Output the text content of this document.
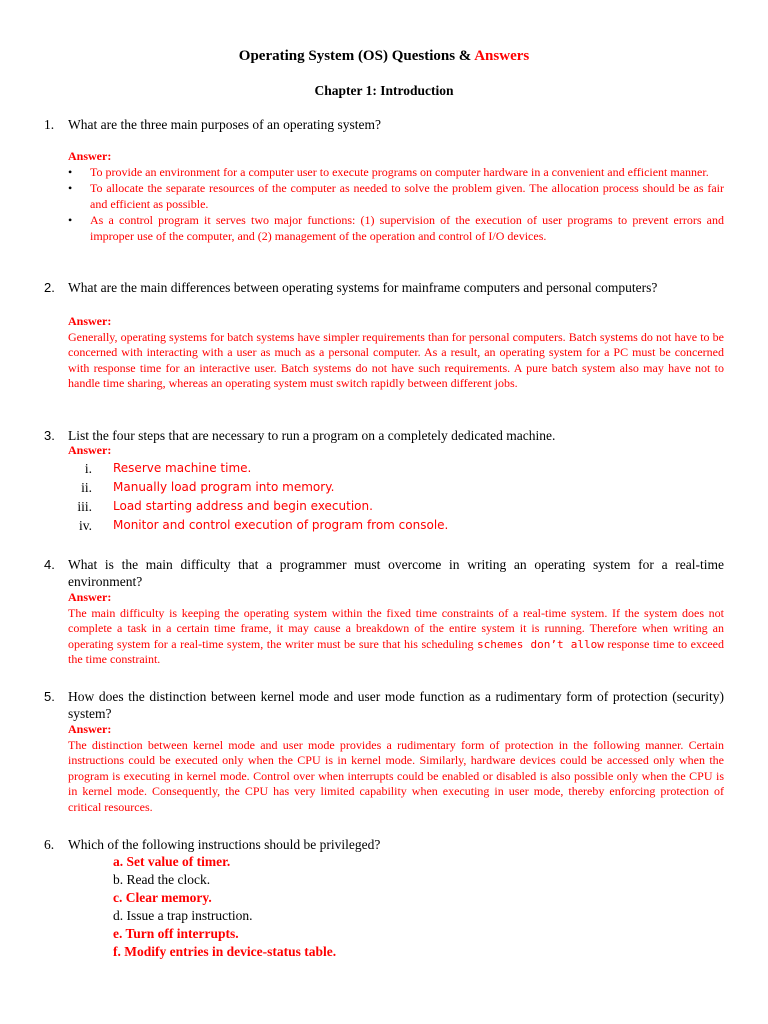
Operating System (OS) Questions & Answers
Chapter 1: Introduction
1. What are the three main purposes of an operating system?
Answer:
• To provide an environment for a computer user to execute programs on computer hardware in a convenient and efficient manner.
• To allocate the separate resources of the computer as needed to solve the problem given. The allocation process should be as fair and efficient as possible.
• As a control program it serves two major functions: (1) supervision of the execution of user programs to prevent errors and improper use of the computer, and (2) management of the operation and control of I/O devices.
2. What are the main differences between operating systems for mainframe computers and personal computers?
Answer:
Generally, operating systems for batch systems have simpler requirements than for personal computers. Batch systems do not have to be concerned with interacting with a user as much as a personal computer. As a result, an operating system for a PC must be concerned with response time for an interactive user. Batch systems do not have such requirements. A pure batch system also may have not to handle time sharing, whereas an operating system must switch rapidly between different jobs.
3. List the four steps that are necessary to run a program on a completely dedicated machine.
Answer:
i. Reserve machine time.
ii. Manually load program into memory.
iii. Load starting address and begin execution.
iv. Monitor and control execution of program from console.
4. What is the main difficulty that a programmer must overcome in writing an operating system for a real-time environment?
Answer:
The main difficulty is keeping the operating system within the fixed time constraints of a real-time system. If the system does not complete a task in a certain time frame, it may cause a breakdown of the entire system it is running. Therefore when writing an operating system for a real-time system, the writer must be sure that his scheduling schemes don’t allow response time to exceed the time constraint.
5. How does the distinction between kernel mode and user mode function as a rudimentary form of protection (security) system?
Answer:
The distinction between kernel mode and user mode provides a rudimentary form of protection in the following manner. Certain instructions could be executed only when the CPU is in kernel mode. Similarly, hardware devices could be accessed only when the program is executing in kernel mode. Control over when interrupts could be enabled or disabled is also possible only when the CPU is in kernel mode. Consequently, the CPU has very limited capability when executing in user mode, thereby enforcing protection of critical resources.
6. Which of the following instructions should be privileged?
a. Set value of timer.
b. Read the clock.
c. Clear memory.
d. Issue a trap instruction.
e. Turn off interrupts.
f. Modify entries in device-status table.
